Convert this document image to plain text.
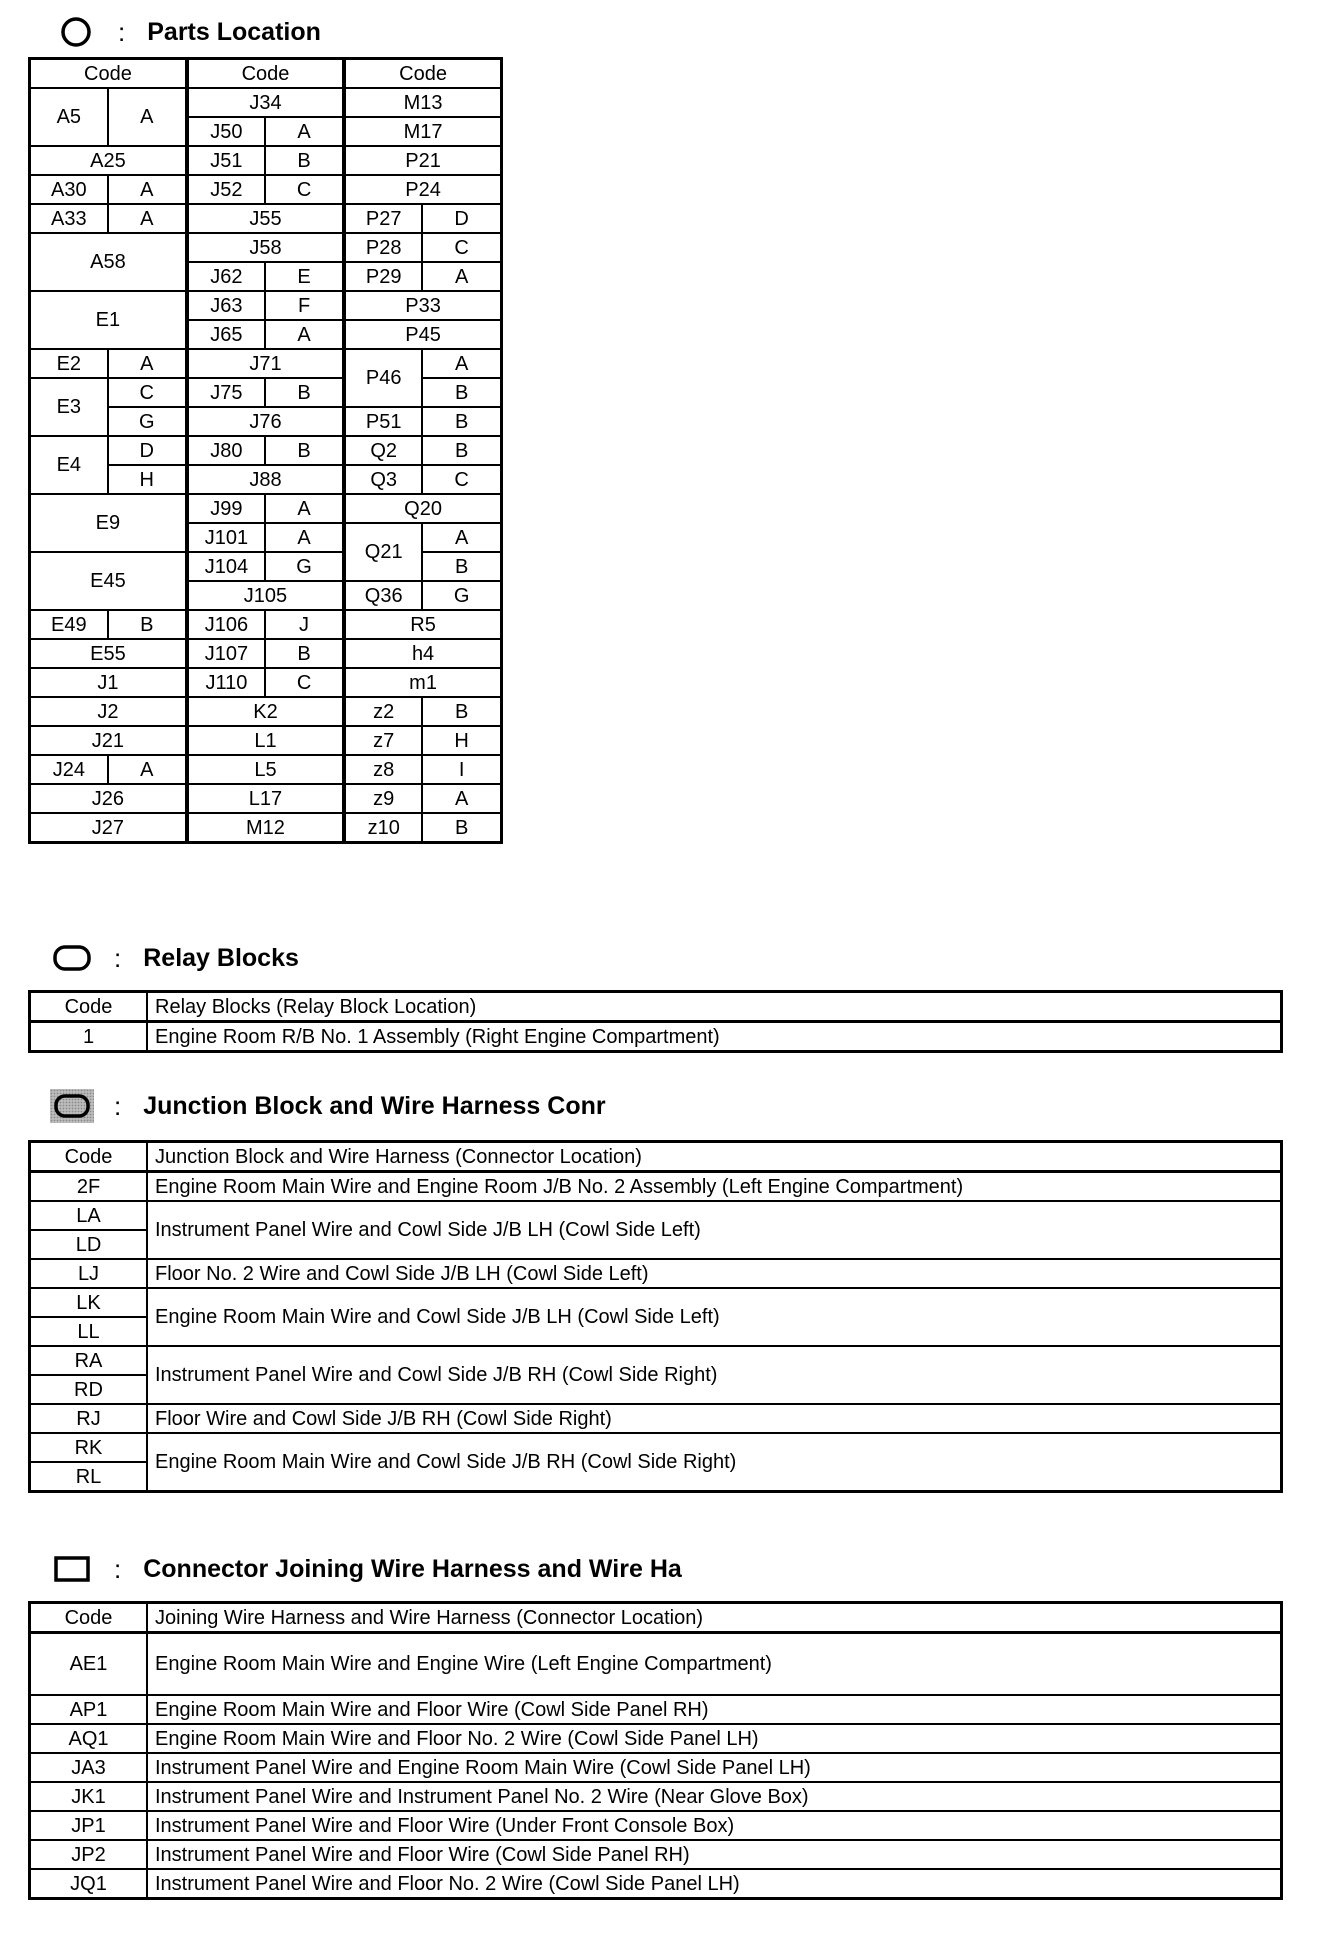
: Parts Location
Code		Code		Code	
A5	A	J34		M13	
		J50	A	M17	
A25		J51	B	P21	
A30	A	J52	C	P24	
A33	A	J55		P27	D
A58		J58		P28	C
		J62	E	P29	A
E1		J63	F	P33	
		J65	A	P45	
E2	A	J71		P46	A
E3	C	J75	B		B
	G	J76		P51	B
E4	D	J80	B	Q2	B
	H	J88		Q3	C
E9		J99	A	Q20	
		J101	A	Q21	A
E45		J104	G		B
		J105		Q36	G
E49	B	J106	J	R5	
E55		J107	B	h4	
J1		J110	C	m1	
J2		K2		z2	B
J21		L1		z7	H
J24	A	L5		z8	I
J26		L17		z9	A
J27		M12		z10	B
: Relay Blocks
Code	Relay Blocks (Relay Block Location)
1	Engine Room R/B No. 1 Assembly (Right Engine Compartment)
: Junction Block and Wire Harness Conr
Code	Junction Block and Wire Harness (Connector Location)
2F	Engine Room Main Wire and Engine Room J/B No. 2 Assembly (Left Engine Compartment)
LA	Instrument Panel Wire and Cowl Side J/B LH (Cowl Side Left)
LD	
LJ	Floor No. 2 Wire and Cowl Side J/B LH (Cowl Side Left)
LK	Engine Room Main Wire and Cowl Side J/B LH (Cowl Side Left)
LL	
RA	Instrument Panel Wire and Cowl Side J/B RH (Cowl Side Right)
RD	
RJ	Floor Wire and Cowl Side J/B RH (Cowl Side Right)
RK	Engine Room Main Wire and Cowl Side J/B RH (Cowl Side Right)
RL	
: Connector Joining Wire Harness and Wire Ha
Code	Joining Wire Harness and Wire Harness (Connector Location)
AE1	Engine Room Main Wire and Engine Wire (Left Engine Compartment)
AP1	Engine Room Main Wire and Floor Wire (Cowl Side Panel RH)
AQ1	Engine Room Main Wire and Floor No. 2 Wire (Cowl Side Panel LH)
JA3	Instrument Panel Wire and Engine Room Main Wire (Cowl Side Panel LH)
JK1	Instrument Panel Wire and Instrument Panel No. 2 Wire (Near Glove Box)
JP1	Instrument Panel Wire and Floor Wire (Under Front Console Box)
JP2	Instrument Panel Wire and Floor Wire (Cowl Side Panel RH)
JQ1	Instrument Panel Wire and Floor No. 2 Wire (Cowl Side Panel LH)
